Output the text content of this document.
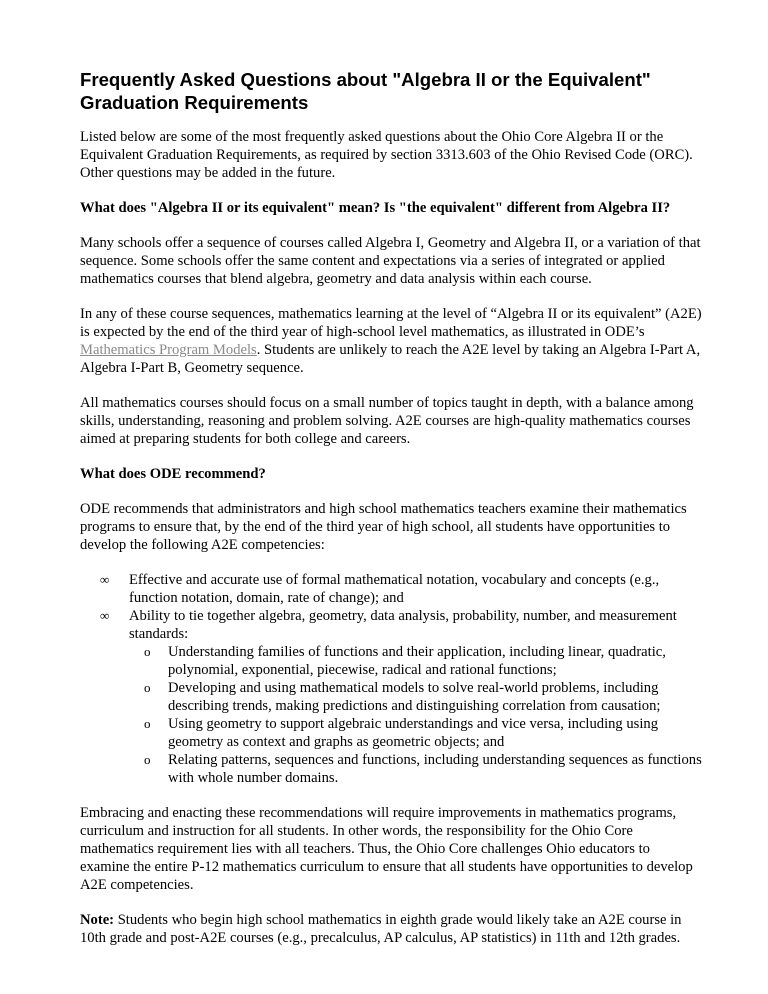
Frequently Asked Questions about "Algebra II or the Equivalent" Graduation Requirements

Listed below are some of the most frequently asked questions about the Ohio Core Algebra II or the Equivalent Graduation Requirements, as required by section 3313.603 of the Ohio Revised Code (ORC). Other questions may be added in the future.

What does "Algebra II or its equivalent" mean? Is "the equivalent" different from Algebra II?

Many schools offer a sequence of courses called Algebra I, Geometry and Algebra II, or a variation of that sequence. Some schools offer the same content and expectations via a series of integrated or applied mathematics courses that blend algebra, geometry and data analysis within each course.

In any of these course sequences, mathematics learning at the level of “Algebra II or its equivalent” (A2E) is expected by the end of the third year of high-school level mathematics, as illustrated in ODE’s Mathematics Program Models. Students are unlikely to reach the A2E level by taking an Algebra I-Part A, Algebra I-Part B, Geometry sequence.

All mathematics courses should focus on a small number of topics taught in depth, with a balance among skills, understanding, reasoning and problem solving. A2E courses are high-quality mathematics courses aimed at preparing students for both college and careers.

What does ODE recommend?

ODE recommends that administrators and high school mathematics teachers examine their mathematics programs to ensure that, by the end of the third year of high school, all students have opportunities to develop the following A2E competencies:

∞ Effective and accurate use of formal mathematical notation, vocabulary and concepts (e.g., function notation, domain, rate of change); and
∞ Ability to tie together algebra, geometry, data analysis, probability, number, and measurement standards:
o Understanding families of functions and their application, including linear, quadratic, polynomial, exponential, piecewise, radical and rational functions;
o Developing and using mathematical models to solve real-world problems, including describing trends, making predictions and distinguishing correlation from causation;
o Using geometry to support algebraic understandings and vice versa, including using geometry as context and graphs as geometric objects; and
o Relating patterns, sequences and functions, including understanding sequences as functions with whole number domains.

Embracing and enacting these recommendations will require improvements in mathematics programs, curriculum and instruction for all students. In other words, the responsibility for the Ohio Core mathematics requirement lies with all teachers. Thus, the Ohio Core challenges Ohio educators to examine the entire P-12 mathematics curriculum to ensure that all students have opportunities to develop A2E competencies.

Note: Students who begin high school mathematics in eighth grade would likely take an A2E course in 10th grade and post-A2E courses (e.g., precalculus, AP calculus, AP statistics) in 11th and 12th grades.
